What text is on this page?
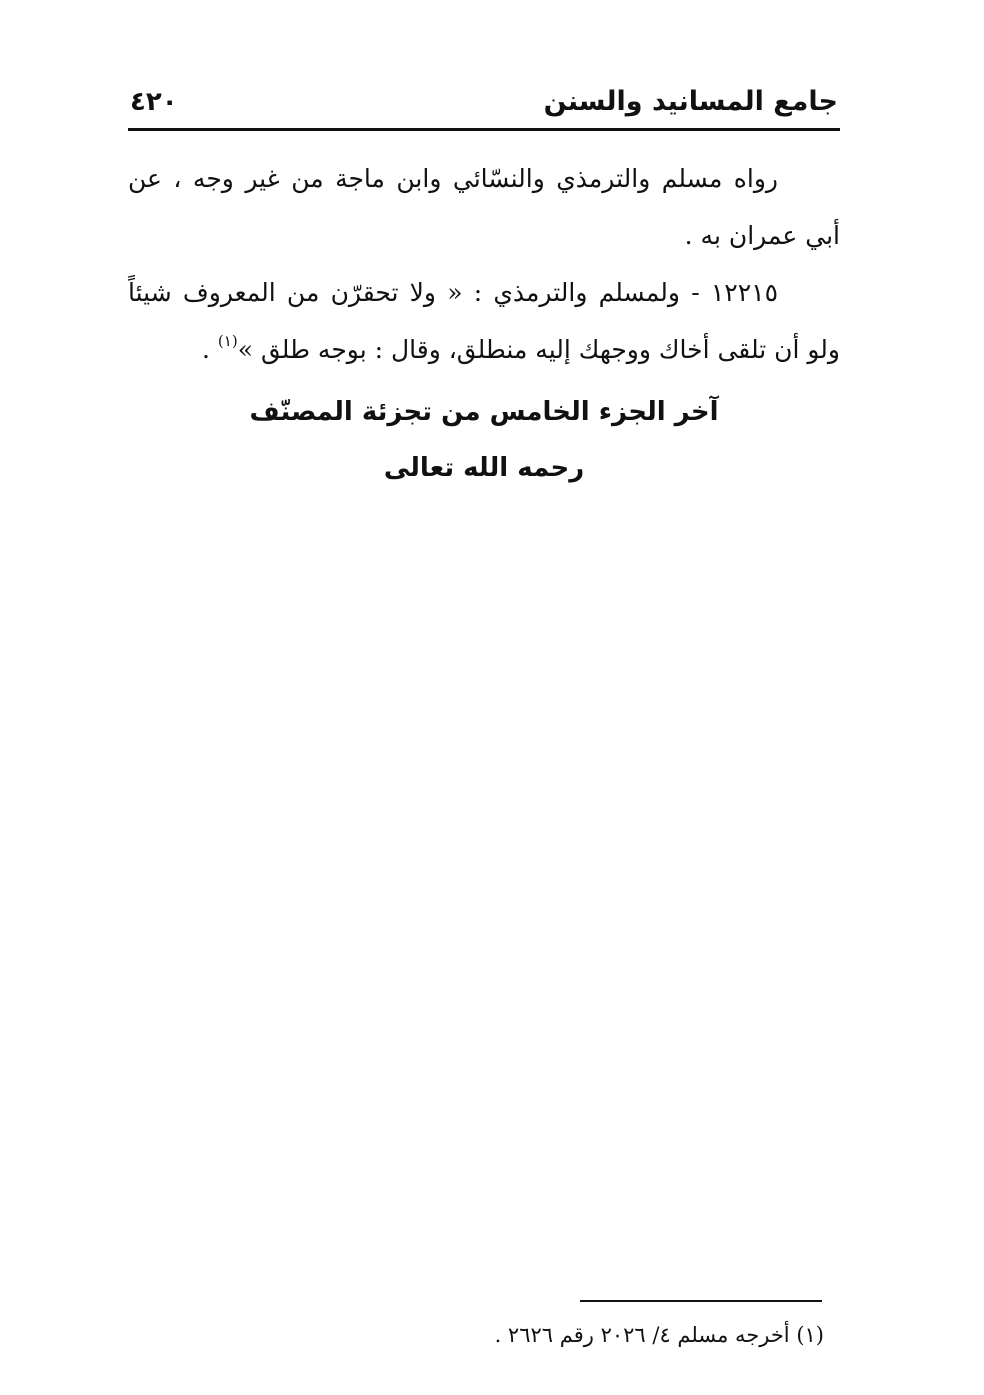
جامع المسانيد والسنن
٤٢٠

رواه مسلم والترمذي والنسّائي وابن ماجة من غير وجه ، عن أبي عمران به .

١٢٢١٥ - ولمسلم والترمذي : « ولا تحقرّن من المعروف شيئاً ولو أن تلقى أخاك ووجهك إليه منطلق، وقال : بوجه طلق »$^{(١)}$ .

آخر الجزء الخامس من تجزئة المصنّف
رحمه الله تعالى
(١) أخرجه مسلم ٤/ ٢٠٢٦ رقم ٢٦٢٦ .
